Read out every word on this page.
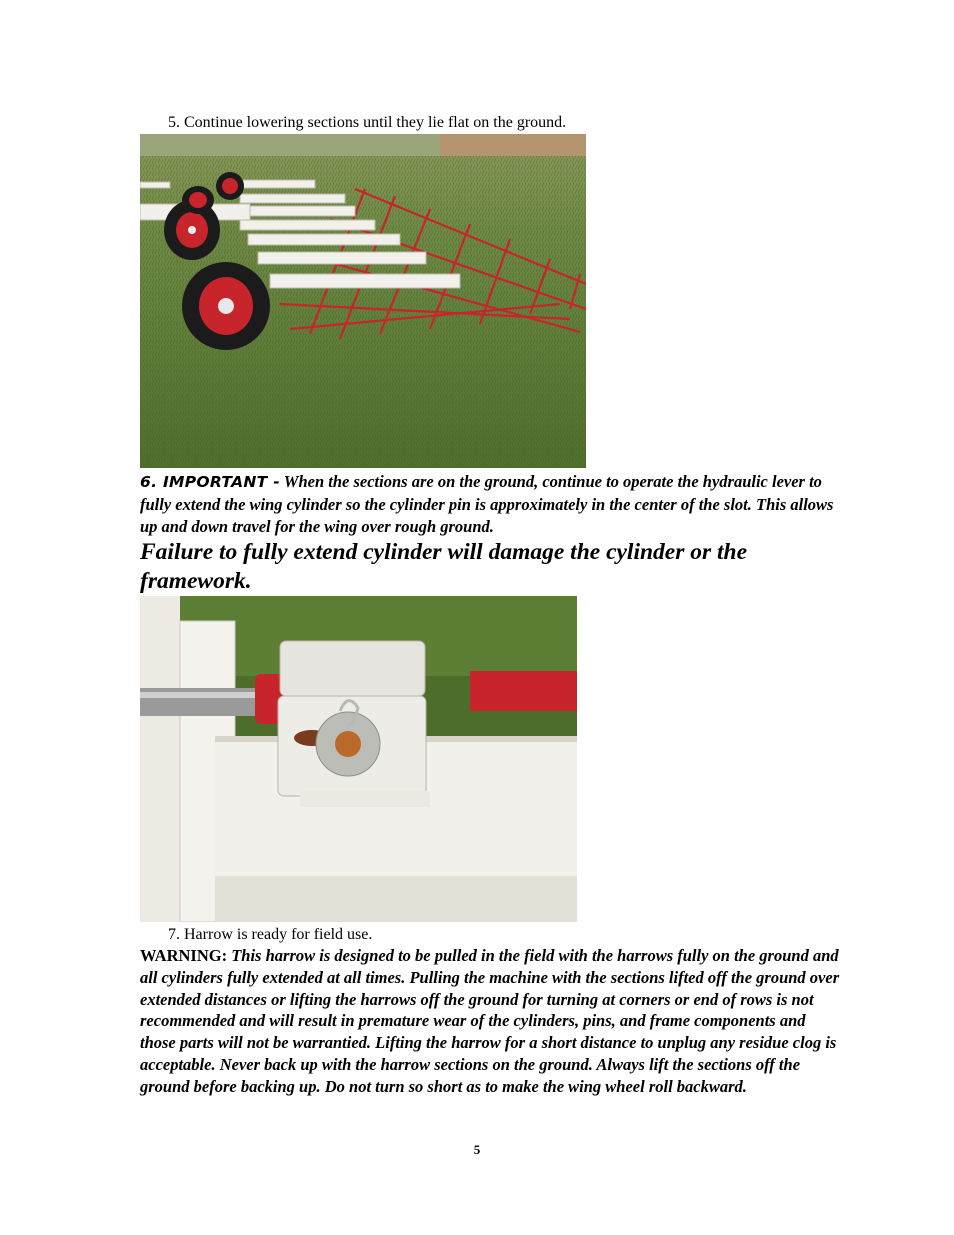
5. Continue lowering sections until they lie flat on the ground.
6. IMPORTANT - When the sections are on the ground, continue to operate the hydraulic lever to fully extend the wing cylinder so the cylinder pin is approximately in the center of the slot. This allows up and down travel for the wing over rough ground.
Failure to fully extend cylinder will damage the cylinder or the framework.
7. Harrow is ready for field use.
WARNING: This harrow is designed to be pulled in the field with the harrows fully on the ground and all cylinders fully extended at all times. Pulling the machine with the sections lifted off the ground over extended distances or lifting the harrows off the ground for turning at corners or end of rows is not recommended and will result in premature wear of the cylinders, pins, and frame components and those parts will not be warrantied. Lifting the harrow for a short distance to unplug any residue clog is acceptable. Never back up with the harrow sections on the ground. Always lift the sections off the ground before backing up. Do not turn so short as to make the wing wheel roll backward.
5
